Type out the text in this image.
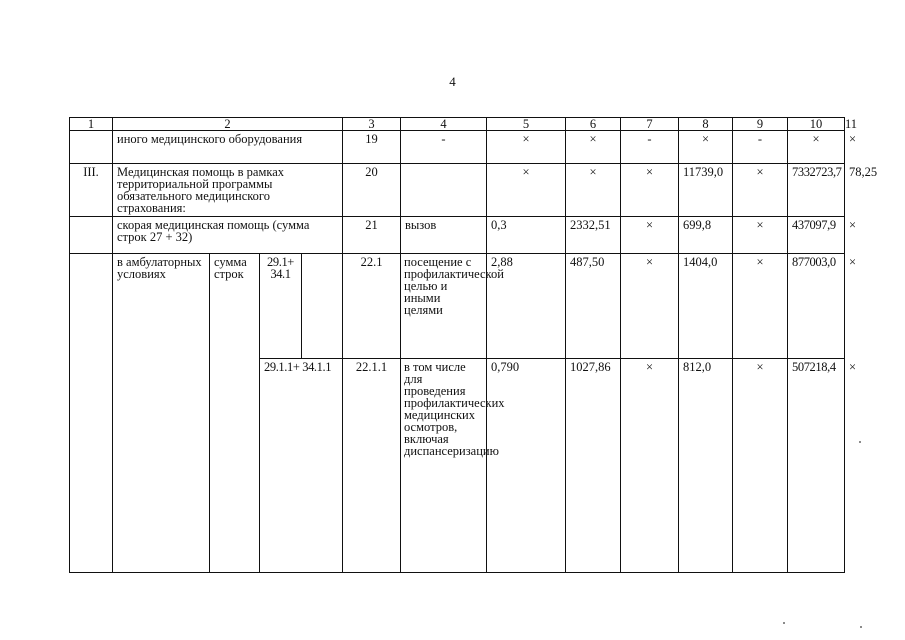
4
1	2				3	4	5	6	7	8	9	10	11
	иного медицинского оборудования				19	-	×	×	-	×	-	×	×
III.	Медицинская помощь в рамках территориальной программы обязательного медицинского страхования:				20		×	×	×	11739,0	×	7332723,7	78,25
	скорая медицинская помощь (сумма строк 27 + 32)				21	вызов	0,3	2332,51	×	699,8	×	437097,9	×
	в амбулаторных условиях	сумма строк	29.1+ 34.1		22.1	посещение с профилактической целью и иными целями	2,88	487,50	×	1404,0	×	877003,0	×
			29.1.1+ 34.1.1		22.1.1	в том числе для проведения профилактических медицинских осмотров, включая диспансеризацию	0,790	1027,86	×	812,0	×	507218,4	×
